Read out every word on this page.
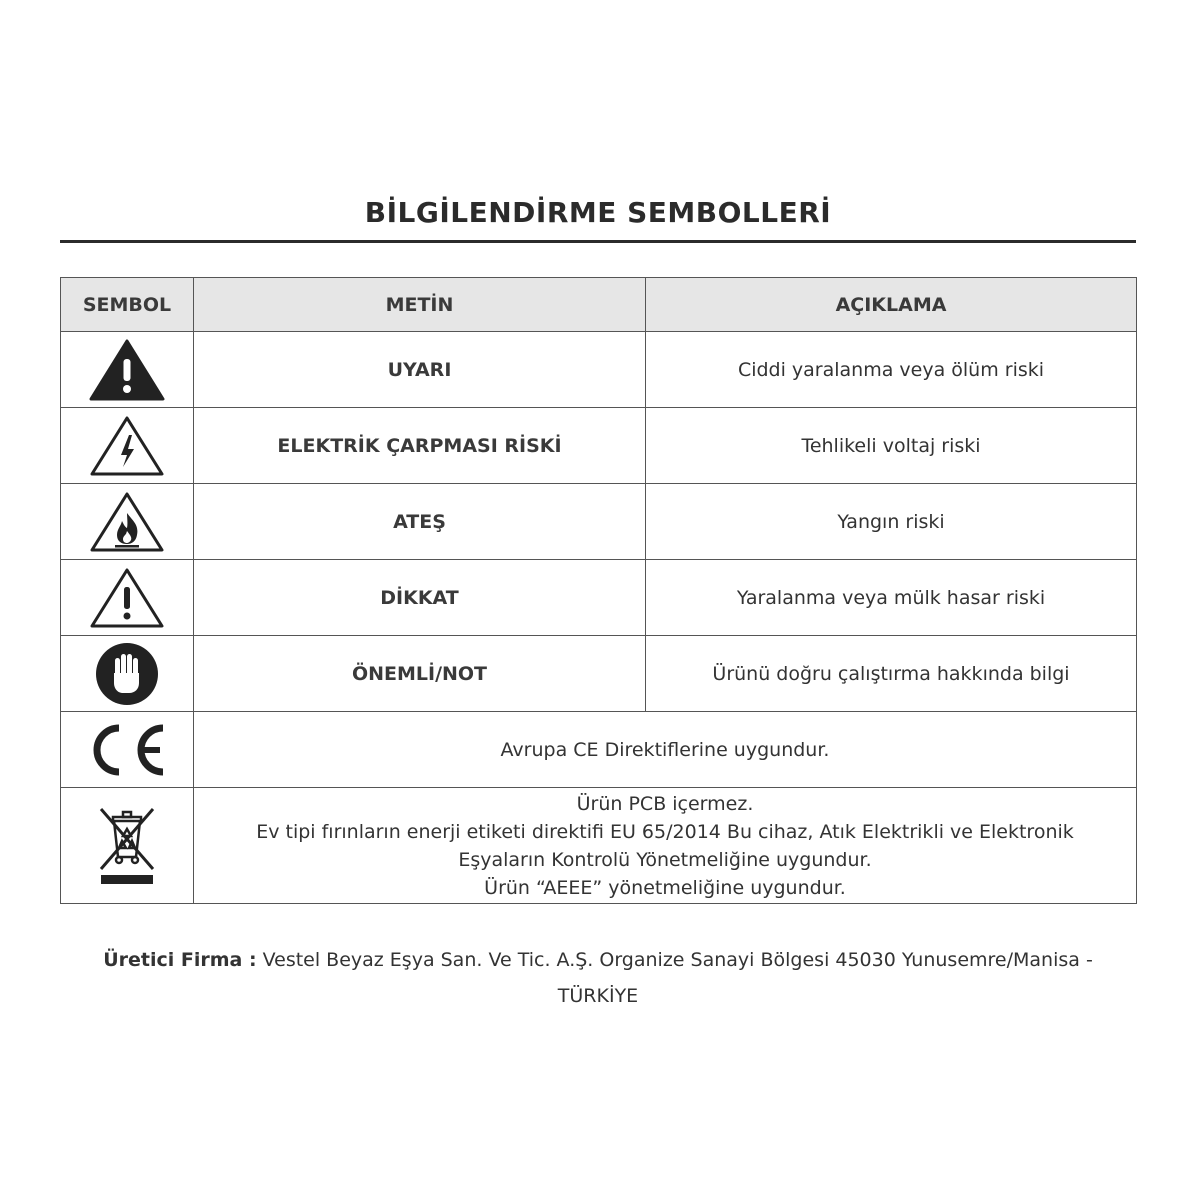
BİLGİLENDİRME SEMBOLLERİ
SEMBOL	METİN	AÇIKLAMA

	UYARI	Ciddi yaralanma veya ölüm riski

	ELEKTRİK ÇARPMASI RİSKİ	Tehlikeli voltaj riski

	ATEŞ	Yangın riski

	DİKKAT	Yaralanma veya mülk hasar riski

	ÖNEMLİ/NOT	Ürünü doğru çalıştırma hakkında bilgi

	Avrupa CE Direktiflerine uygundur.	

Ürün PCB içermez.
Ev tipi fırınların enerji etiketi direktifi EU 65/2014 Bu cihaz, Atık Elektrikli ve Elektronik
Eşyaların Kontrolü Yönetmeliğine uygundur.
Ürün “AEEE” yönetmeliğine uygundur.	
Üretici Firma : Vestel Beyaz Eşya San. Ve Tic. A.Ş. Organize Sanayi Bölgesi 45030 Yunusemre/Manisa -
TÜRKİYE
